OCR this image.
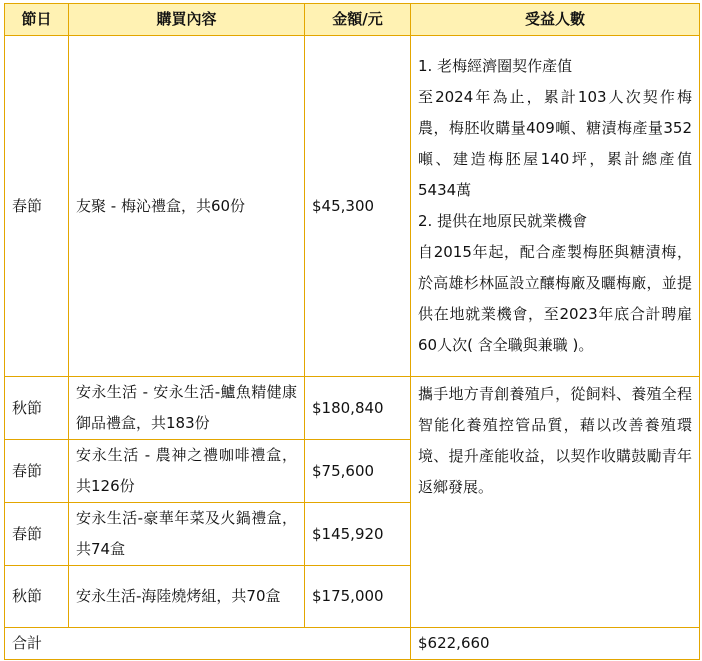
節日	購買內容	金額/元	受益人數
春節	友聚 - 梅沁禮盒，共60份	$45,300	1. 老梅經濟圈契作產值
至2024年為止，累計103人次契作梅農，梅胚收購量409噸、糖漬梅產量352噸、建造梅胚屋140坪，累計總產值5434萬
2. 提供在地原民就業機會
自2015年起，配合產製梅胚與糖漬梅，於高雄杉林區設立釀梅廠及曬梅廠，並提供在地就業機會，至2023年底合計聘雇60人次( 含全職與兼職 )。

秋節	安永生活 - 安永生活-鱸魚精健康御品禮盒，共183份	$180,840	攜手地方青創養殖戶，從飼料、養殖全程智能化養殖控管品質，藉以改善養殖環境、提升產能收益，以契作收購鼓勵青年返鄉發展。
春節	安永生活 - 農神之禮咖啡禮盒，共126份	$75,600	
春節	安永生活-豪華年菜及火鍋禮盒，共74盒	$145,920	
秋節	安永生活-海陸燒烤組，共70盒	$175,000	
合計			$622,660
